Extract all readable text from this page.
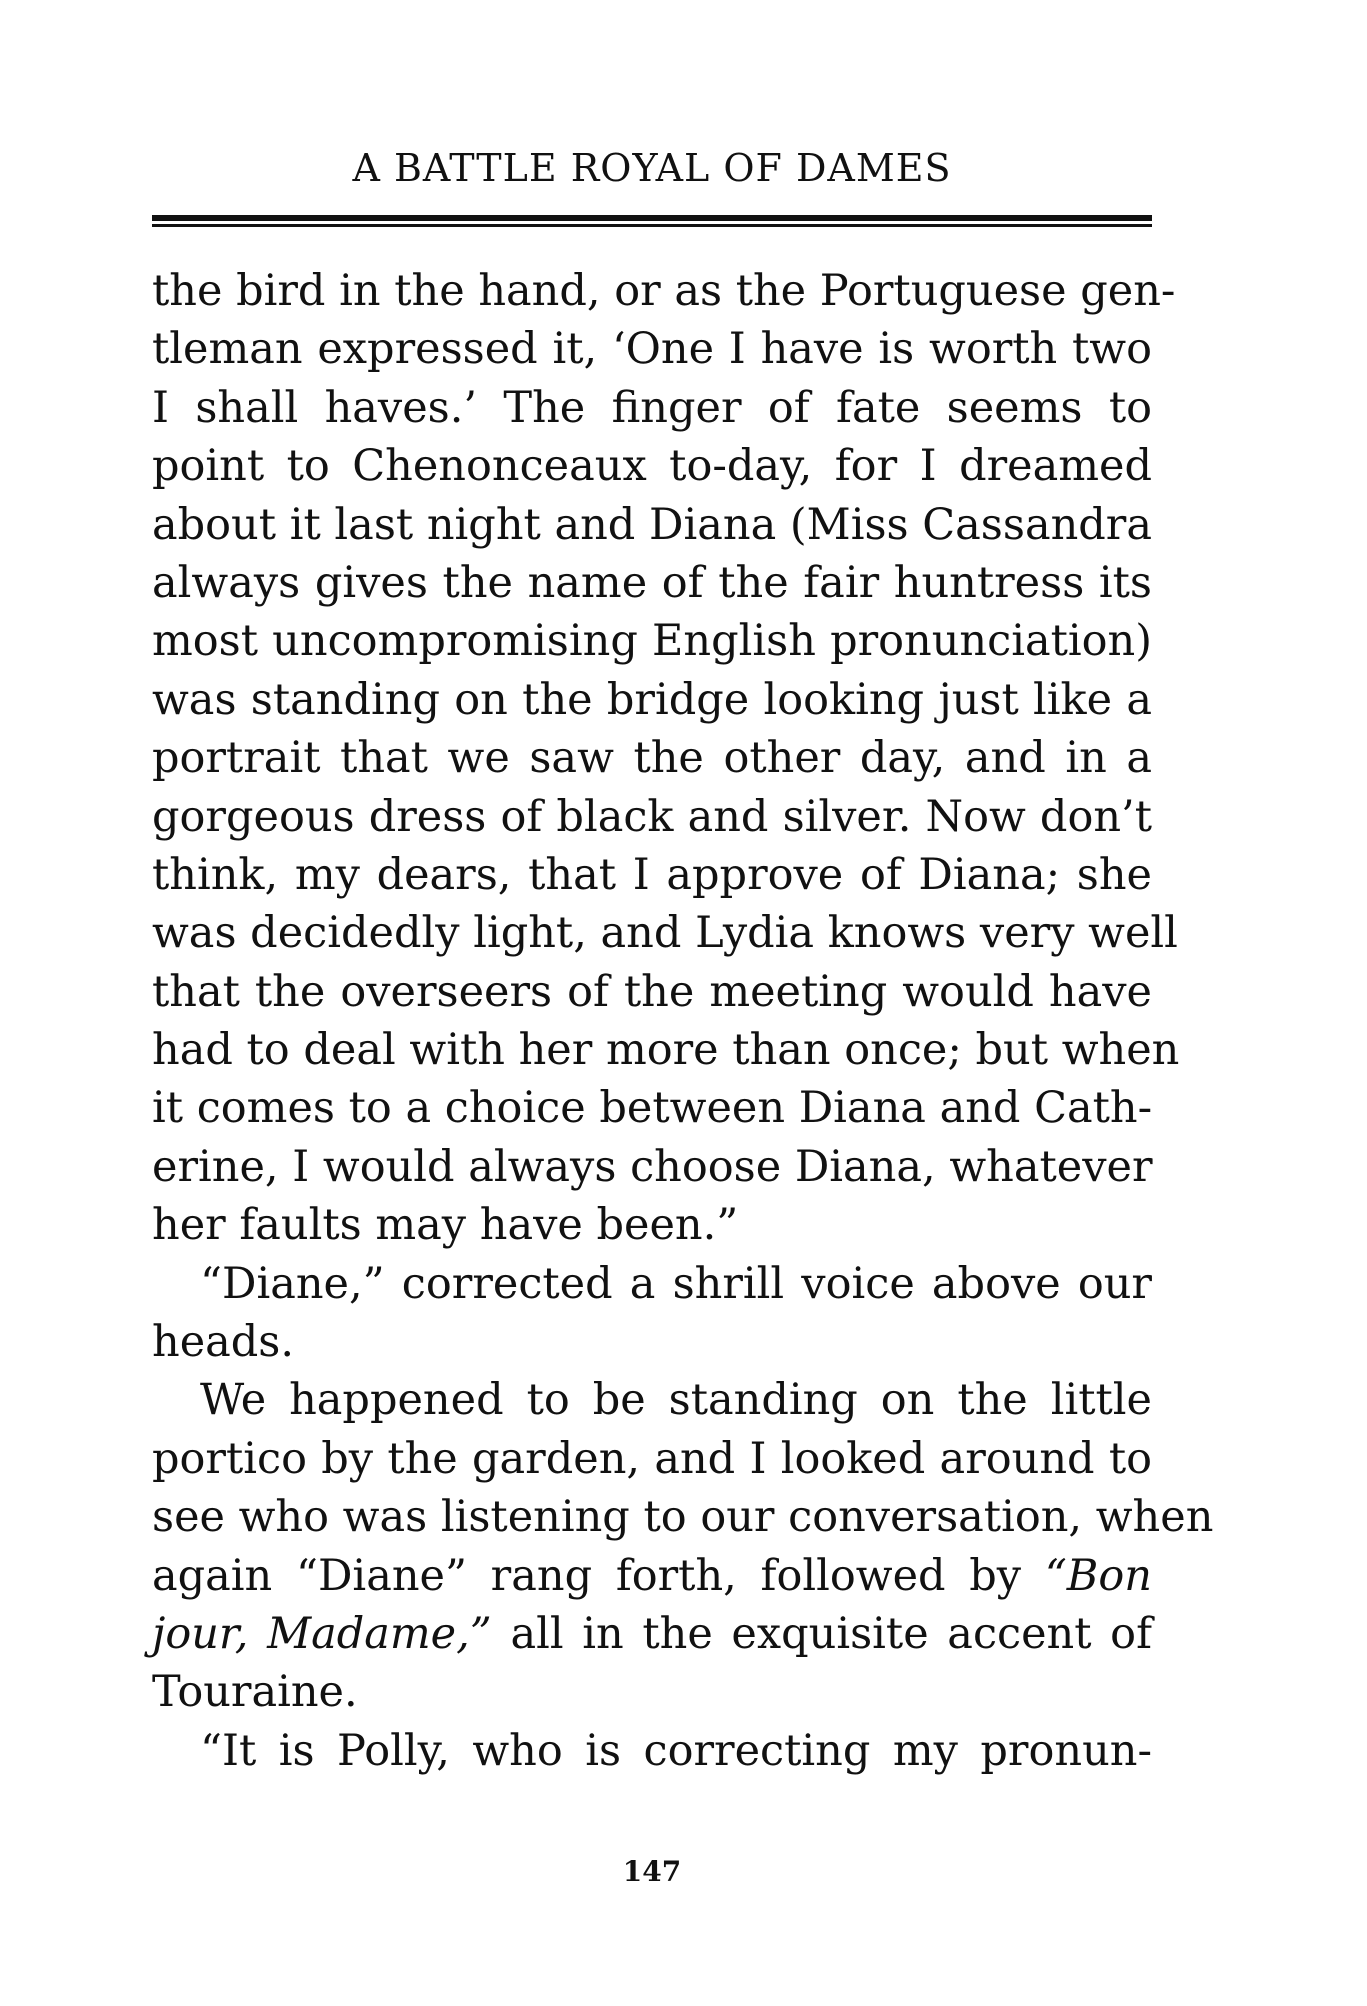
A BATTLE ROYAL OF DAMES
the bird in the hand, or as the Portuguese gen-
tleman expressed it, ‘One I have is worth two
I shall haves.’ The finger of fate seems to
point to Chenonceaux to-day, for I dreamed
about it last night and Diana (Miss Cassandra
always gives the name of the fair huntress its
most uncompromising English pronunciation)
was standing on the bridge looking just like a
portrait that we saw the other day, and in a
gorgeous dress of black and silver. Now don’t
think, my dears, that I approve of Diana; she
was decidedly light, and Lydia knows very well
that the overseers of the meeting would have
had to deal with her more than once; but when
it comes to a choice between Diana and Cath-
erine, I would always choose Diana, whatever
her faults may have been.”
“Diane,” corrected a shrill voice above our
heads.
We happened to be standing on the little
portico by the garden, and I looked around to
see who was listening to our conversation, when
again “Diane” rang forth, followed by “Bon
jour, Madame,” all in the exquisite accent of
Touraine.
“It is Polly, who is correcting my pronun-
147
